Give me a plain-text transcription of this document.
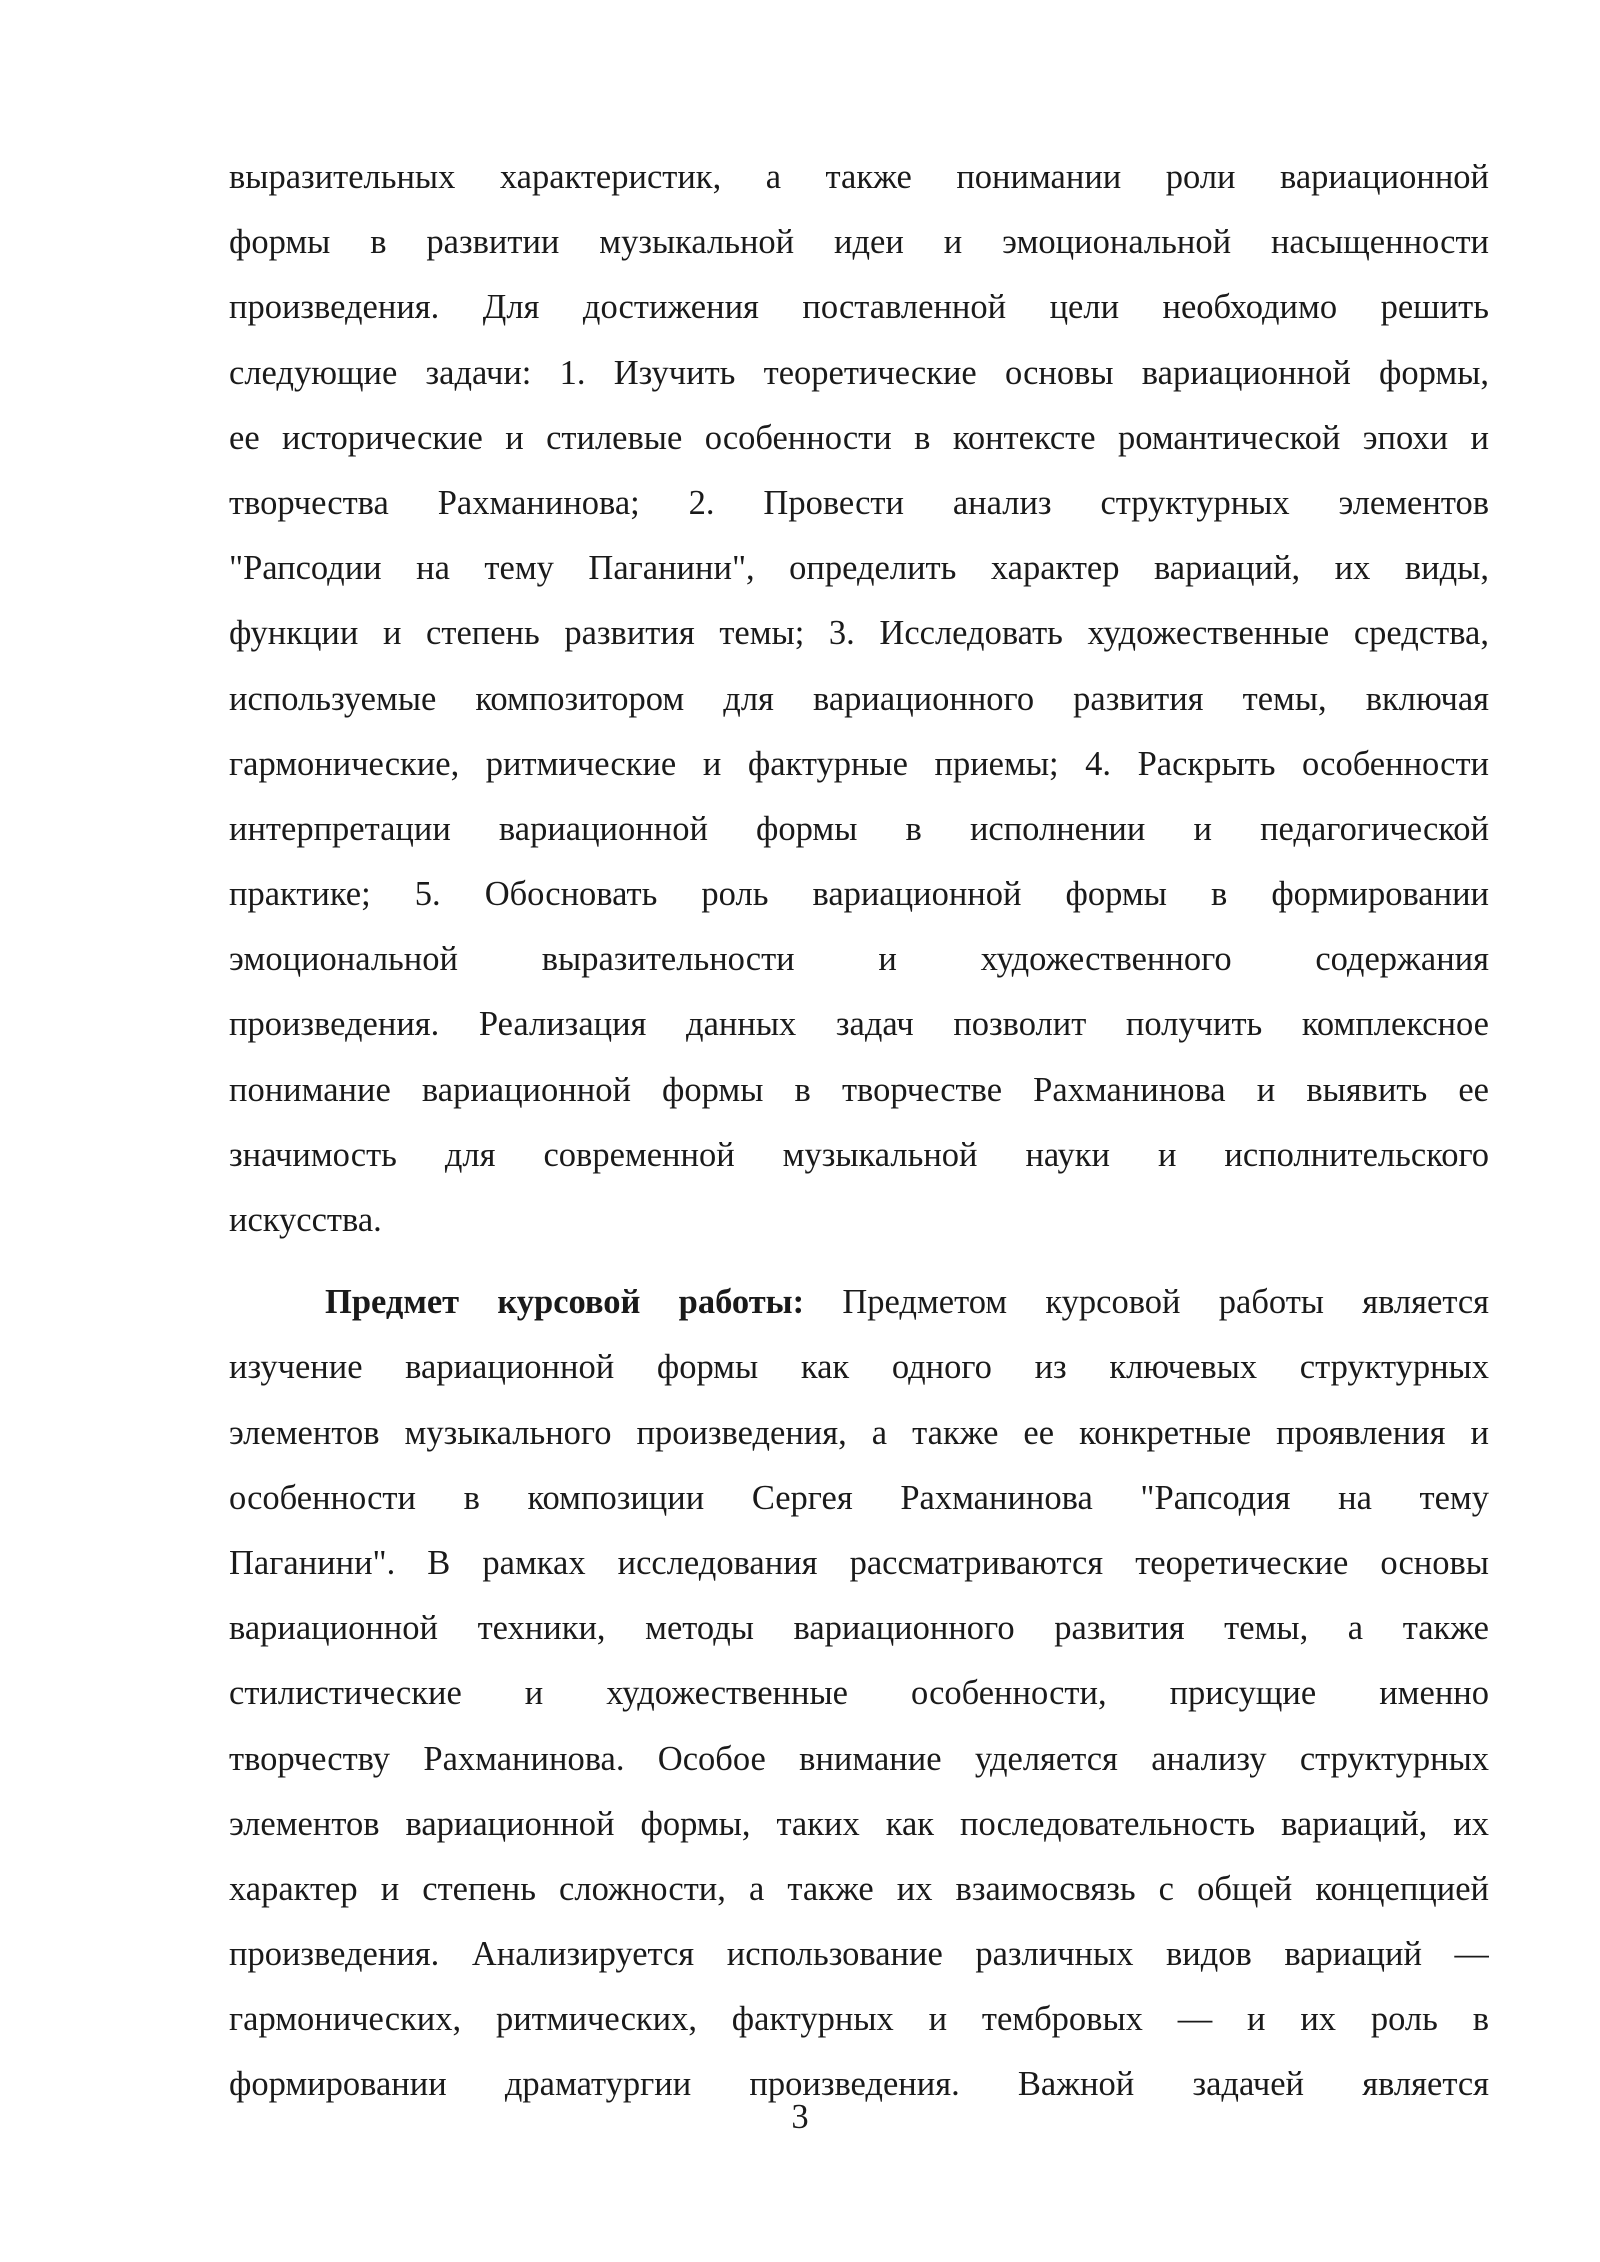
выразительных характеристик, а также понимании роли вариационной
формы в развитии музыкальной идеи и эмоциональной насыщенности
произведения. Для достижения поставленной цели необходимо решить
следующие задачи: 1. Изучить теоретические основы вариационной формы,
ее исторические и стилевые особенности в контексте романтической эпохи и
творчества Рахманинова; 2. Провести анализ структурных элементов
"Рапсодии на тему Паганини", определить характер вариаций, их виды,
функции и степень развития темы; 3. Исследовать художественные средства,
используемые композитором для вариационного развития темы, включая
гармонические, ритмические и фактурные приемы; 4. Раскрыть особенности
интерпретации вариационной формы в исполнении и педагогической
практике; 5. Обосновать роль вариационной формы в формировании
эмоциональной выразительности и художественного содержания
произведения. Реализация данных задач позволит получить комплексное
понимание вариационной формы в творчестве Рахманинова и выявить ее
значимость для современной музыкальной науки и исполнительского
искусства.
Предмет курсовой работы: Предметом курсовой работы является
изучение вариационной формы как одного из ключевых структурных
элементов музыкального произведения, а также ее конкретные проявления и
особенности в композиции Сергея Рахманинова "Рапсодия на тему
Паганини". В рамках исследования рассматриваются теоретические основы
вариационной техники, методы вариационного развития темы, а также
стилистические и художественные особенности, присущие именно
творчеству Рахманинова. Особое внимание уделяется анализу структурных
элементов вариационной формы, таких как последовательность вариаций, их
характер и степень сложности, а также их взаимосвязь с общей концепцией
произведения. Анализируется использование различных видов вариаций —
гармонических, ритмических, фактурных и тембровых — и их роль в
формировании драматургии произведения. Важной задачей является
3
